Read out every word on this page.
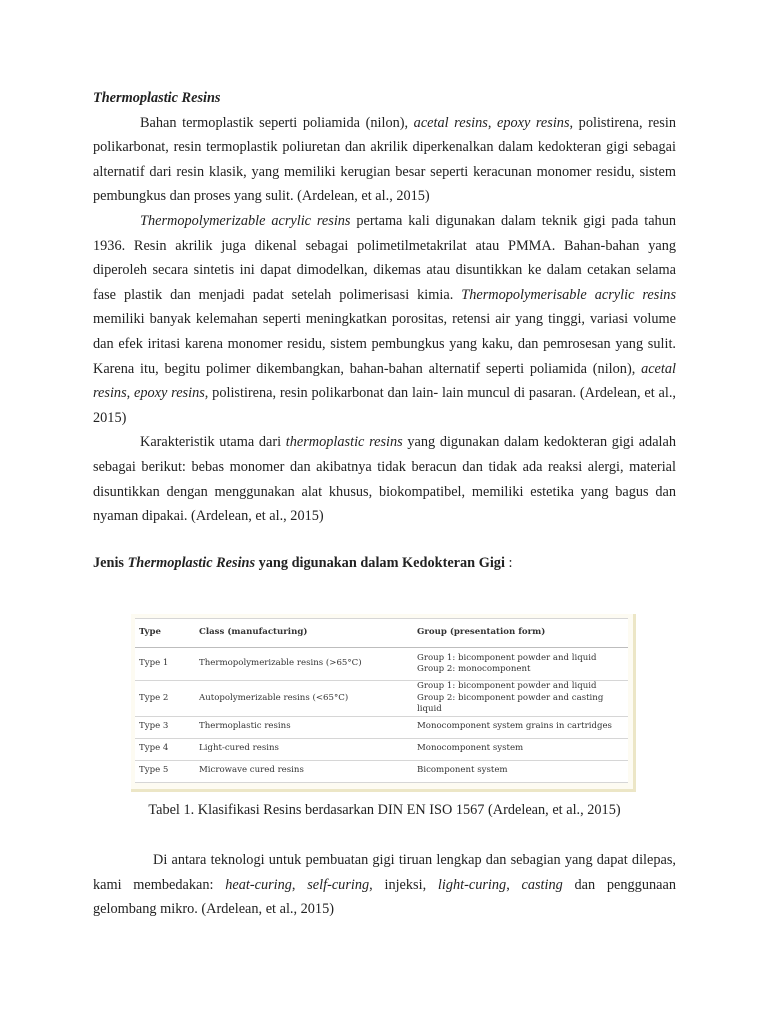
Thermoplastic Resins

Bahan termoplastik seperti poliamida (nilon), acetal resins, epoxy resins, polistirena, resin polikarbonat, resin termoplastik poliuretan dan akrilik diperkenalkan dalam kedokteran gigi sebagai alternatif dari resin klasik, yang memiliki kerugian besar seperti keracunan monomer residu, sistem pembungkus dan proses yang sulit. (Ardelean, et al., 2015)

Thermopolymerizable acrylic resins pertama kali digunakan dalam teknik gigi pada tahun 1936. Resin akrilik juga dikenal sebagai polimetilmetakrilat atau PMMA. Bahan-bahan yang diperoleh secara sintetis ini dapat dimodelkan, dikemas atau disuntikkan ke dalam cetakan selama fase plastik dan menjadi padat setelah polimerisasi kimia. Thermopolymerisable acrylic resins memiliki banyak kelemahan seperti meningkatkan porositas, retensi air yang tinggi, variasi volume dan efek iritasi karena monomer residu, sistem pembungkus yang kaku, dan pemrosesan yang sulit. Karena itu, begitu polimer dikembangkan, bahan-bahan alternatif seperti poliamida (nilon), acetal resins, epoxy resins, polistirena, resin polikarbonat dan lain- lain muncul di pasaran. (Ardelean, et al., 2015)

Karakteristik utama dari thermoplastic resins yang digunakan dalam kedokteran gigi adalah sebagai berikut: bebas monomer dan akibatnya tidak beracun dan tidak ada reaksi alergi, material disuntikkan dengan menggunakan alat khusus, biokompatibel, memiliki estetika yang bagus dan nyaman dipakai. (Ardelean, et al., 2015)

Jenis Thermoplastic Resins yang digunakan dalam Kedokteran Gigi :

Type	Class (manufacturing)	Group (presentation form)
Type 1	Thermopolymerizable resins (>65°C)	Group 1: bicomponent powder and liquid
Group 2: monocomponent

Type 2	Autopolymerizable resins (<65°C)	Group 1: bicomponent powder and liquid
Group 2: bicomponent powder and casting liquid

Type 3	Thermoplastic resins	Monocomponent system grains in cartridges
Type 4	Light-cured resins	Monocomponent system
Type 5	Microwave cured resins	Bicomponent system
Tabel 1. Klasifikasi Resins berdasarkan DIN EN ISO 1567 (Ardelean, et al., 2015)

Di antara teknologi untuk pembuatan gigi tiruan lengkap dan sebagian yang dapat dilepas, kami membedakan: heat-curing, self-curing, injeksi, light-curing, casting dan penggunaan gelombang mikro. (Ardelean, et al., 2015)
